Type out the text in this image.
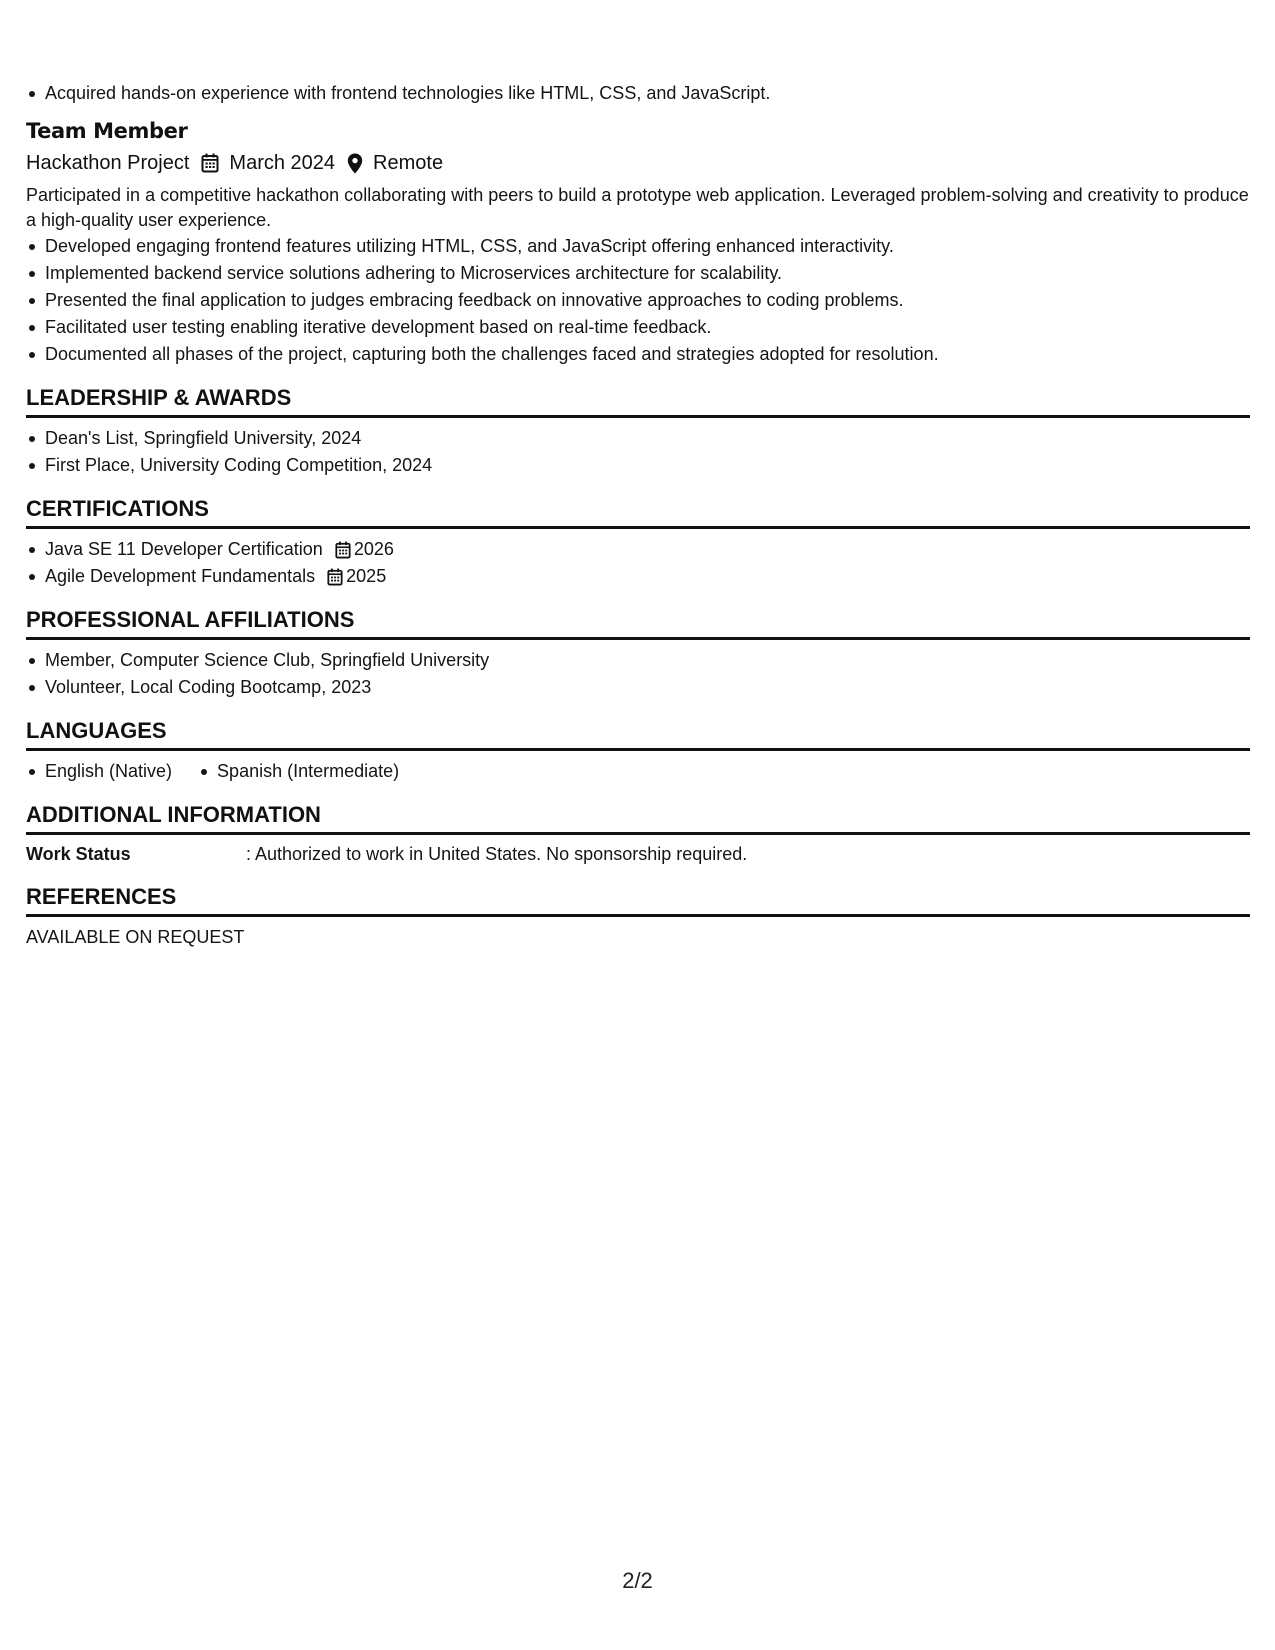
Acquired hands-on experience with frontend technologies like HTML, CSS, and JavaScript.
Team Member
Hackathon Project March 2024 Remote
Participated in a competitive hackathon collaborating with peers to build a prototype web application. Leveraged problem-solving and creativity to produce a high-quality user experience.
Developed engaging frontend features utilizing HTML, CSS, and JavaScript offering enhanced interactivity.
Implemented backend service solutions adhering to Microservices architecture for scalability.
Presented the final application to judges embracing feedback on innovative approaches to coding problems.
Facilitated user testing enabling iterative development based on real-time feedback.
Documented all phases of the project, capturing both the challenges faced and strategies adopted for resolution.
LEADERSHIP & AWARDS
Dean's List, Springfield University, 2024
First Place, University Coding Competition, 2024
CERTIFICATIONS
Java SE 11 Developer Certification 2026
Agile Development Fundamentals 2025
PROFESSIONAL AFFILIATIONS
Member, Computer Science Club, Springfield University
Volunteer, Local Coding Bootcamp, 2023
LANGUAGES
English (Native)	Spanish (Intermediate)
ADDITIONAL INFORMATION
Work Status	: Authorized to work in United States. No sponsorship required.
REFERENCES
AVAILABLE ON REQUEST
2/2
